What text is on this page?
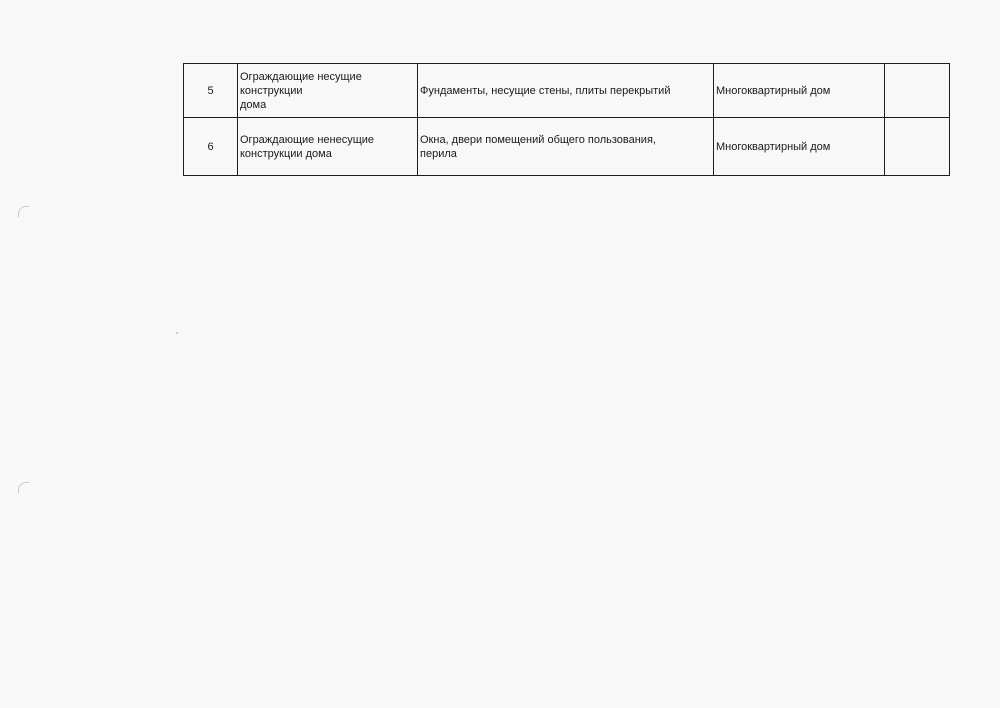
5	Ограждающие несущие
конструкции
дома	Фундаменты, несущие стены, плиты перекрытий	Многоквартирный дом	
6	Ограждающие ненесущие
конструкции дома	Окна, двери помещений общего пользования,
перила	Многоквартирный дом	
